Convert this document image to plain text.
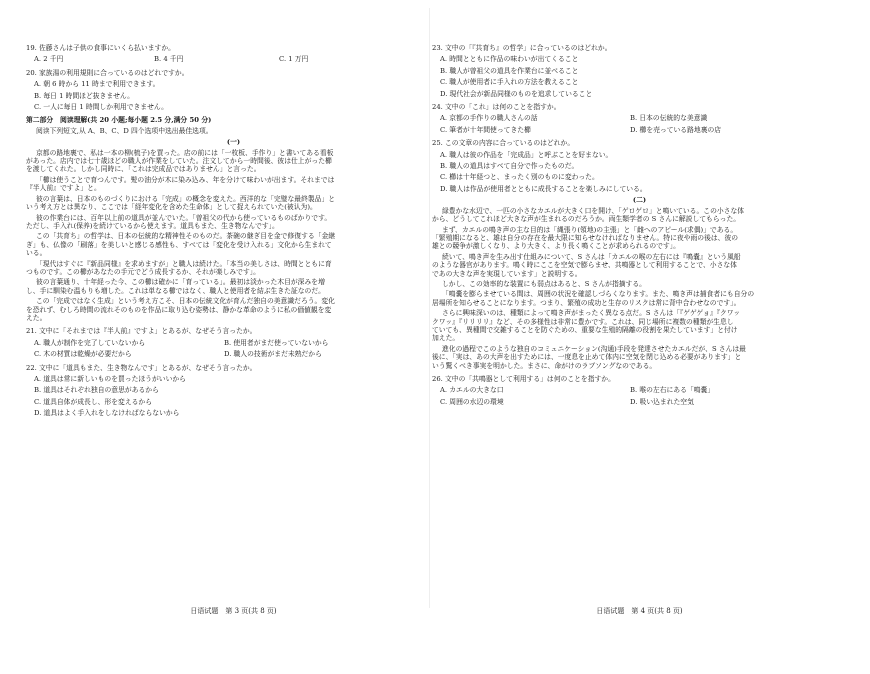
19. 佐藤さんは子供の食事にいくら払いますか。
A. 2 千円	B. 4 千円	C. 1 万円
20. 家族湯の利用規則に合っているのはどれですか。
A. 朝 6 時から 11 時まで利用できます。
B. 毎日 1 時間ほど抜きません。
C. 一人に毎日 1 時間しか利用できません。
第二部分　阅读理解(共 20 小题;每小题 2.5 分,满分 50 分)
阅读下列短文,从 A、B、C、D 四个选项中选出最佳选项。
(一)
京都の路地裏で、私は一本の柳(梳子)を買った。店の前には「一枚板、手作り」と書いてある看板
があった。店内では七十歳ほどの職人が作業をしていた。注文してから一時間後、彼は仕上がった櫛
を渡してくれた。しかし同時に、「これは完成品ではありません」と言った。
「櫛は使うことで育つんです。髪の油分が木に染み込み、年を分けて味わいが出ます。それまでは
『半人前』ですよ」と。
彼の言葉は、日本のものづくりにおける「完成」の概念を変えた。西洋的な「完璧な最終製品」と
いう考え方とは異なり、ここでは「経年変化を含めた生命体」として捉えられていた(被认为)。
彼の作業台には、百年以上前の道具が並んでいた。「曽祖父の代から使っているものばかりです。
ただし、手入れ(保养)を続けているから使えます。道具もまた、生き物なんです」。
この「共育ち」の哲学は、日本の伝統的な精神性そのものだ。茶碗の継ぎ目を金で修復する「金継
ぎ」も、仏像の「刷落」を美しいと感じる感性も、すべては「変化を受け入れる」文化から生まれて
いる。
「現代はすぐに『新品同様』を求めますが」と職人は続けた。「本当の美しさは、時間とともに育
つものです。この櫛があなたの手元でどう成長するか、それが楽しみです」。
彼の言葉通り、十年経った今、この櫛は確かに「育っている」。最初は淡かった木目が深みを増
し、手に馴染む温もりも増した。これは単なる櫛ではなく、職人と使用者を結ぶ生きた証なのだ。
この「完成ではなく生成」という考え方こそ、日本の伝統文化が育んだ独自の美意識だろう。変化
を恐れず、むしろ時間の流れそのものを作品に取り込む姿勢は、静かな革命のように私の価値観を変
えた。
21. 文中に「それまでは『半人前』ですよ」とあるが、なぜそう言ったか。
A. 職人が制作を完了していないから	B. 使用者がまだ使っていないから
C. 木の材質は乾燥が必要だから	D. 職人の技術がまだ未熟だから
22. 文中に「道具もまた、生き物なんです」とあるが、なぜそう言ったか。
A. 道具は常に新しいものを買ったほうがいいから
B. 道具はそれぞれ独自の意思があるから
C. 道具自体が成長し、形を変えるから
D. 道具はよく手入れをしなければならないから
日语试题　第 3 页(共 8 页)
23. 文中の「『共育ち』の哲学」に合っているのはどれか。
A. 時間とともに作品の味わいが出てくること
B. 職人が曾祖父の道具を作業台に並べること
C. 職人が使用者に手入れの方法を教えること
D. 現代社会が新品同様のものを追求していること
24. 文中の「これ」は何のことを指すか。
A. 京都の手作りの職人さんの話	B. 日本の伝統的な美意識
C. 筆者が十年間使ってきた櫛	D. 櫛を売っている路地裏の店
25. この文章の内容に合っているのはどれか。
A. 職人は彼の作品を「完成品」と呼ぶことを好まない。
B. 職人の道具はすべて自分で作ったものだ。
C. 櫛は十年経つと、まったく別のものに変わった。
D. 職人は作品が使用者とともに成長することを楽しみにしている。
(二)
緑豊かな水辺で、一匹の小さなカエルが大きく口を開け、「ゲロゲロ」と鳴いている。この小さな体
から、どうしてこれほど大きな声が生まれるのだろうか。両生類学者の S さんに解説してもらった。
まず、カエルの鳴き声の主な目的は「縄張り(領地)の主張」と「雌へのアピール(求偶)」である。
「繁殖期になると、雄は自分の存在を最大限に知らせなければなりません。特に夜や雨の後は、彼の
雄との競争が激しくなり、より大きく、より長く鳴くことが求められるのです」。
続いて、鳴き声を生み出す仕組みについて、S さんは「カエルの喉の左右には『鳴嚢』という風船
のような器官があります。鳴く時にここを空気で膨らませ、共鳴器として利用することで、小さな体
であの大きな声を実現しています」と説明する。
しかし、この効率的な装置にも弱点はあると、S さんが指摘する。
「鳴嚢を膨らませている間は、周囲の状況を確認しづらくなります。また、鳴き声は捕食者にも自分の
居場所を知らせることになります。つまり、繁殖の成功と生存のリスクは常に背中合わせなのです」。
さらに興味深いのは、種類によって鳴き声がまったく異なる点だ。S さんは「『ゲゲゲョ』『クワッ
クワッ』『リリリリ』など、その多様性は非常に豊かです。これは、同じ場所に複数の種類が生息し
ていても、異種間で交雑することを防ぐための、重要な生殖的隔離の役割を果たしています」と付け
加えた。
進化の過程でこのような独自のコミュニケーション(沟通)手段を発達させたカエルだが、S さんは最
後に、「実は、あの大声を出すためには、一度息を止めて体内に空気を閉じ込める必要があります」と
いう驚くべき事実を明かした。まさに、命がけのラブソングなのである。
26. 文中の「共鳴器として利用する」は何のことを指すか。
A. カエルの大きな口	B. 喉の左右にある「鳴嚢」
C. 周囲の水辺の環境	D. 吸い込まれた空気
日语试题　第 4 页(共 8 页)
